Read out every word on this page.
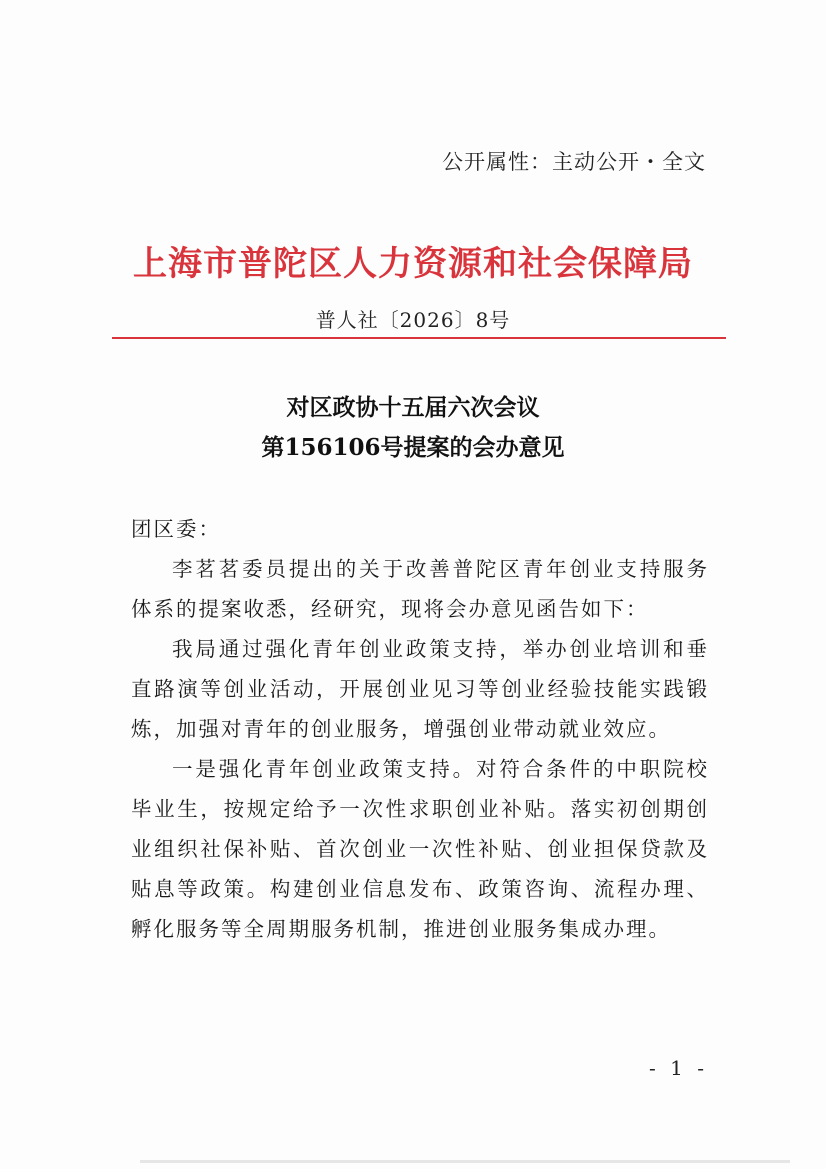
公开属性：主动公开・全文
上海市普陀区人力资源和社会保障局
普人社〔2026〕8号
对区政协十五届六次会议
第156106号提案的会办意见

团区委：

李茗茗委员提出的关于改善普陀区青年创业支持服务体系的提案收悉，经研究，现将会办意见函告如下：

我局通过强化青年创业政策支持，举办创业培训和垂直路演等创业活动，开展创业见习等创业经验技能实践锻炼，加强对青年的创业服务，增强创业带动就业效应。

一是强化青年创业政策支持。对符合条件的中职院校毕业生，按规定给予一次性求职创业补贴。落实初创期创业组织社保补贴、首次创业一次性补贴、创业担保贷款及贴息等政策。构建创业信息发布、政策咨询、流程办理、孵化服务等全周期服务机制，推进创业服务集成办理。

- 1 -
